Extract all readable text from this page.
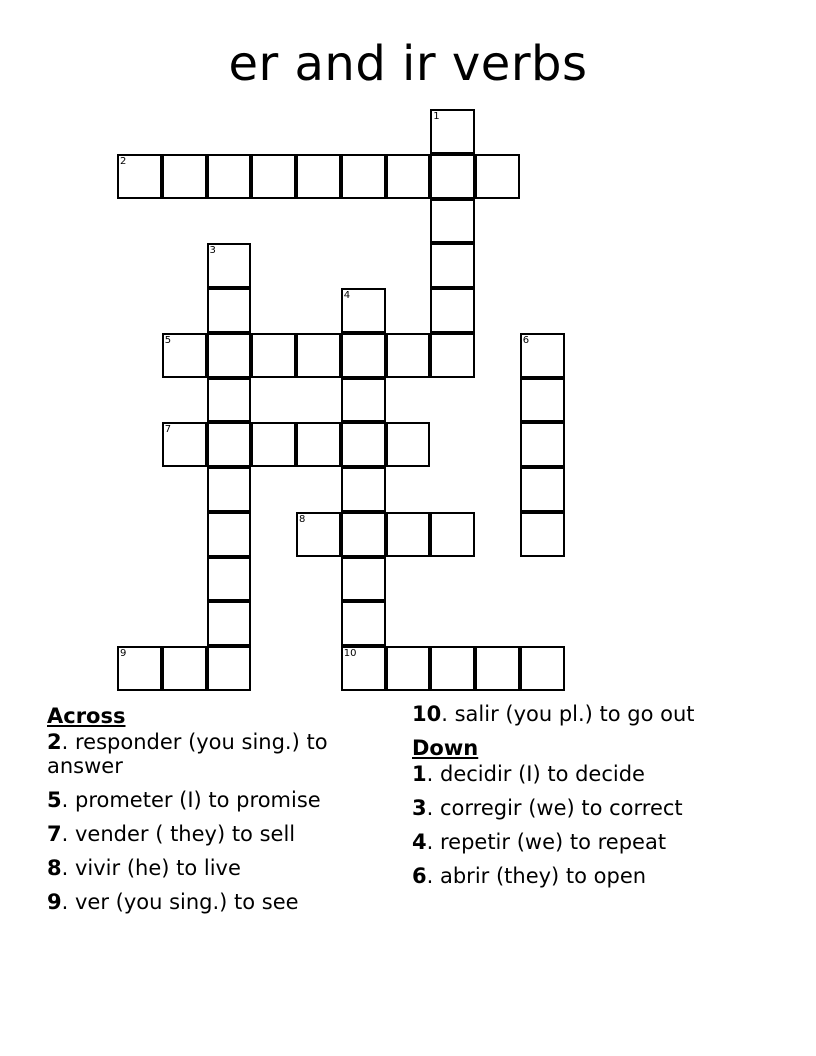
er and ir verbs
1
2
3
4
10
5	6
7
8
9
Across
2. responder (you sing.) to answer
5. prometer (I) to promise
7. vender ( they) to sell
8. vivir (he) to live
9. ver (you sing.) to see
10. salir (you pl.) to go out
Down
1. decidir (I) to decide
3. corregir (we) to correct
4. repetir (we) to repeat
6. abrir (they) to open
